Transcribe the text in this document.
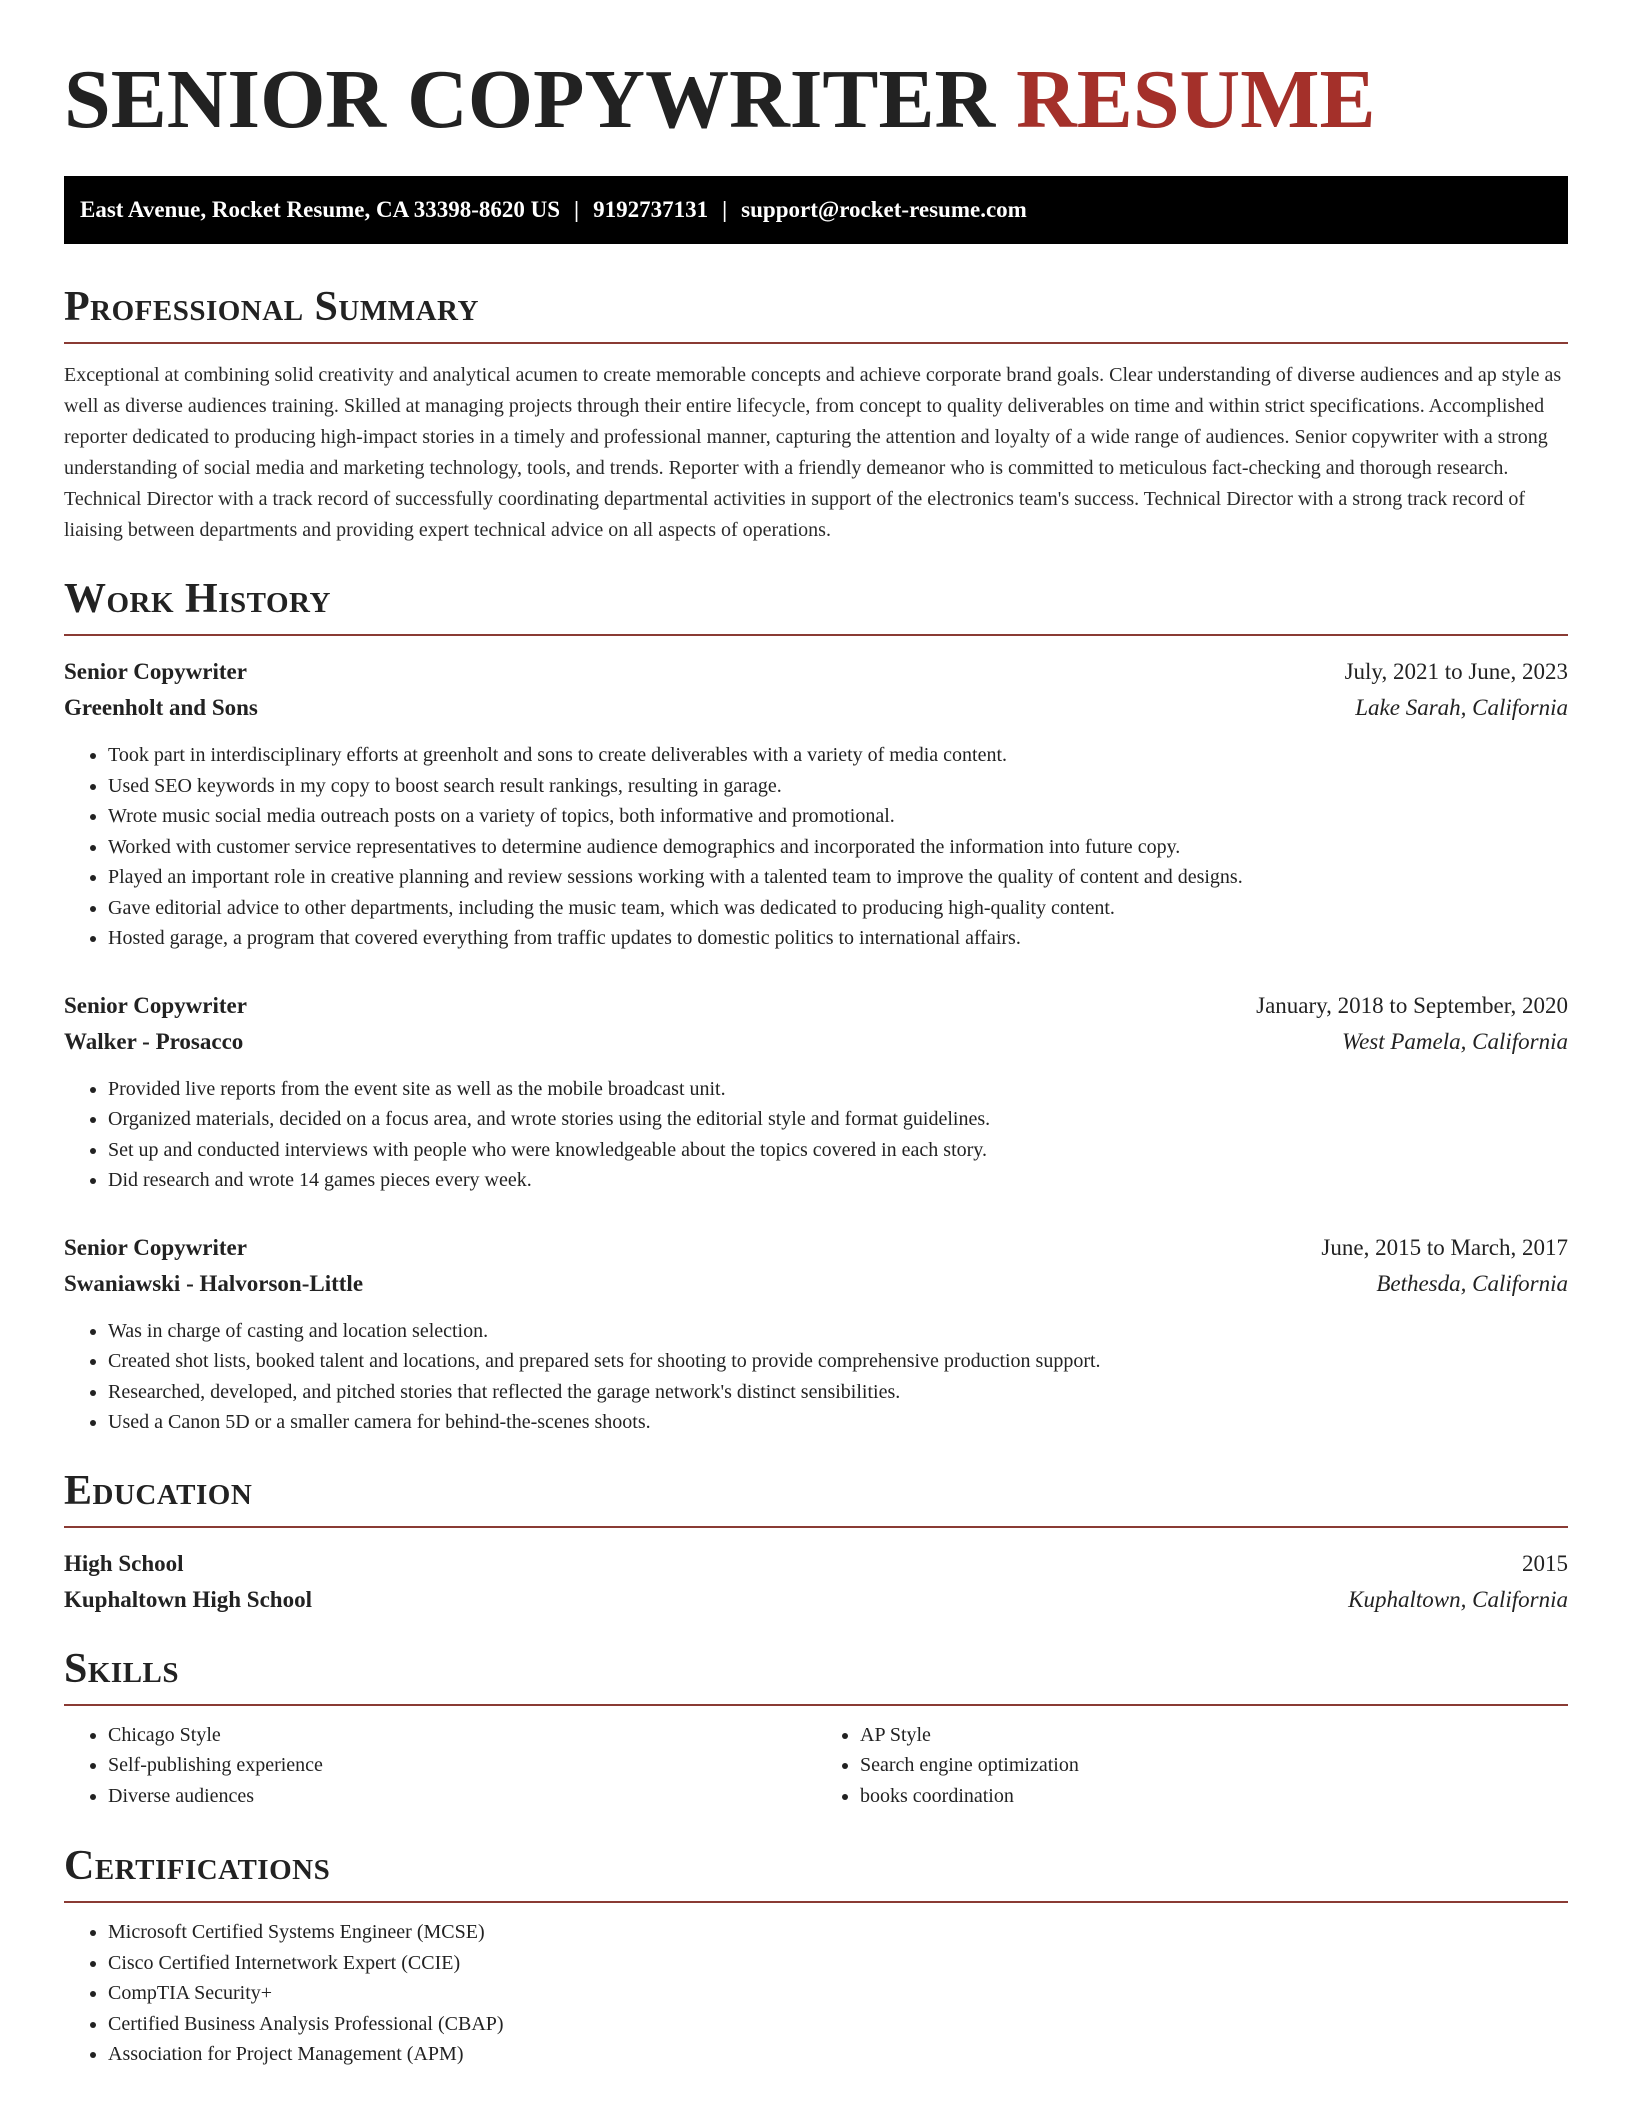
SENIOR COPYWRITER RESUME
East Avenue, Rocket Resume, CA 33398-8620 US | 9192737131 | support@rocket-resume.com
Professional Summary

Exceptional at combining solid creativity and analytical acumen to create memorable concepts and achieve corporate brand goals. Clear understanding of diverse audiences and ap style as well as diverse audiences training. Skilled at managing projects through their entire lifecycle, from concept to quality deliverables on time and within strict specifications. Accomplished reporter dedicated to producing high-impact stories in a timely and professional manner, capturing the attention and loyalty of a wide range of audiences. Senior copywriter with a strong understanding of social media and marketing technology, tools, and trends. Reporter with a friendly demeanor who is committed to meticulous fact-checking and thorough research. Technical Director with a track record of successfully coordinating departmental activities in support of the electronics team's success. Technical Director with a strong track record of liaising between departments and providing expert technical advice on all aspects of operations.

Work History
Senior Copywriter	July, 2021 to June, 2023
Greenholt and Sons	Lake Sarah, California
• Took part in interdisciplinary efforts at greenholt and sons to create deliverables with a variety of media content.
• Used SEO keywords in my copy to boost search result rankings, resulting in garage.
• Wrote music social media outreach posts on a variety of topics, both informative and promotional.
• Worked with customer service representatives to determine audience demographics and incorporated the information into future copy.
• Played an important role in creative planning and review sessions working with a talented team to improve the quality of content and designs.
• Gave editorial advice to other departments, including the music team, which was dedicated to producing high-quality content.
• Hosted garage, a program that covered everything from traffic updates to domestic politics to international affairs.
Senior Copywriter	January, 2018 to September, 2020
Walker - Prosacco	West Pamela, California
• Provided live reports from the event site as well as the mobile broadcast unit.
• Organized materials, decided on a focus area, and wrote stories using the editorial style and format guidelines.
• Set up and conducted interviews with people who were knowledgeable about the topics covered in each story.
• Did research and wrote 14 games pieces every week.
Senior Copywriter	June, 2015 to March, 2017
Swaniawski - Halvorson-Little	Bethesda, California
• Was in charge of casting and location selection.
• Created shot lists, booked talent and locations, and prepared sets for shooting to provide comprehensive production support.
• Researched, developed, and pitched stories that reflected the garage network's distinct sensibilities.
• Used a Canon 5D or a smaller camera for behind-the-scenes shoots.
Education
High School	2015
Kuphaltown High School	Kuphaltown, California
Skills
• Chicago Style
• Self-publishing experience
• Diverse audiences
• AP Style
• Search engine optimization
• books coordination
Certifications
• Microsoft Certified Systems Engineer (MCSE)
• Cisco Certified Internetwork Expert (CCIE)
• CompTIA Security+
• Certified Business Analysis Professional (CBAP)
• Association for Project Management (APM)
